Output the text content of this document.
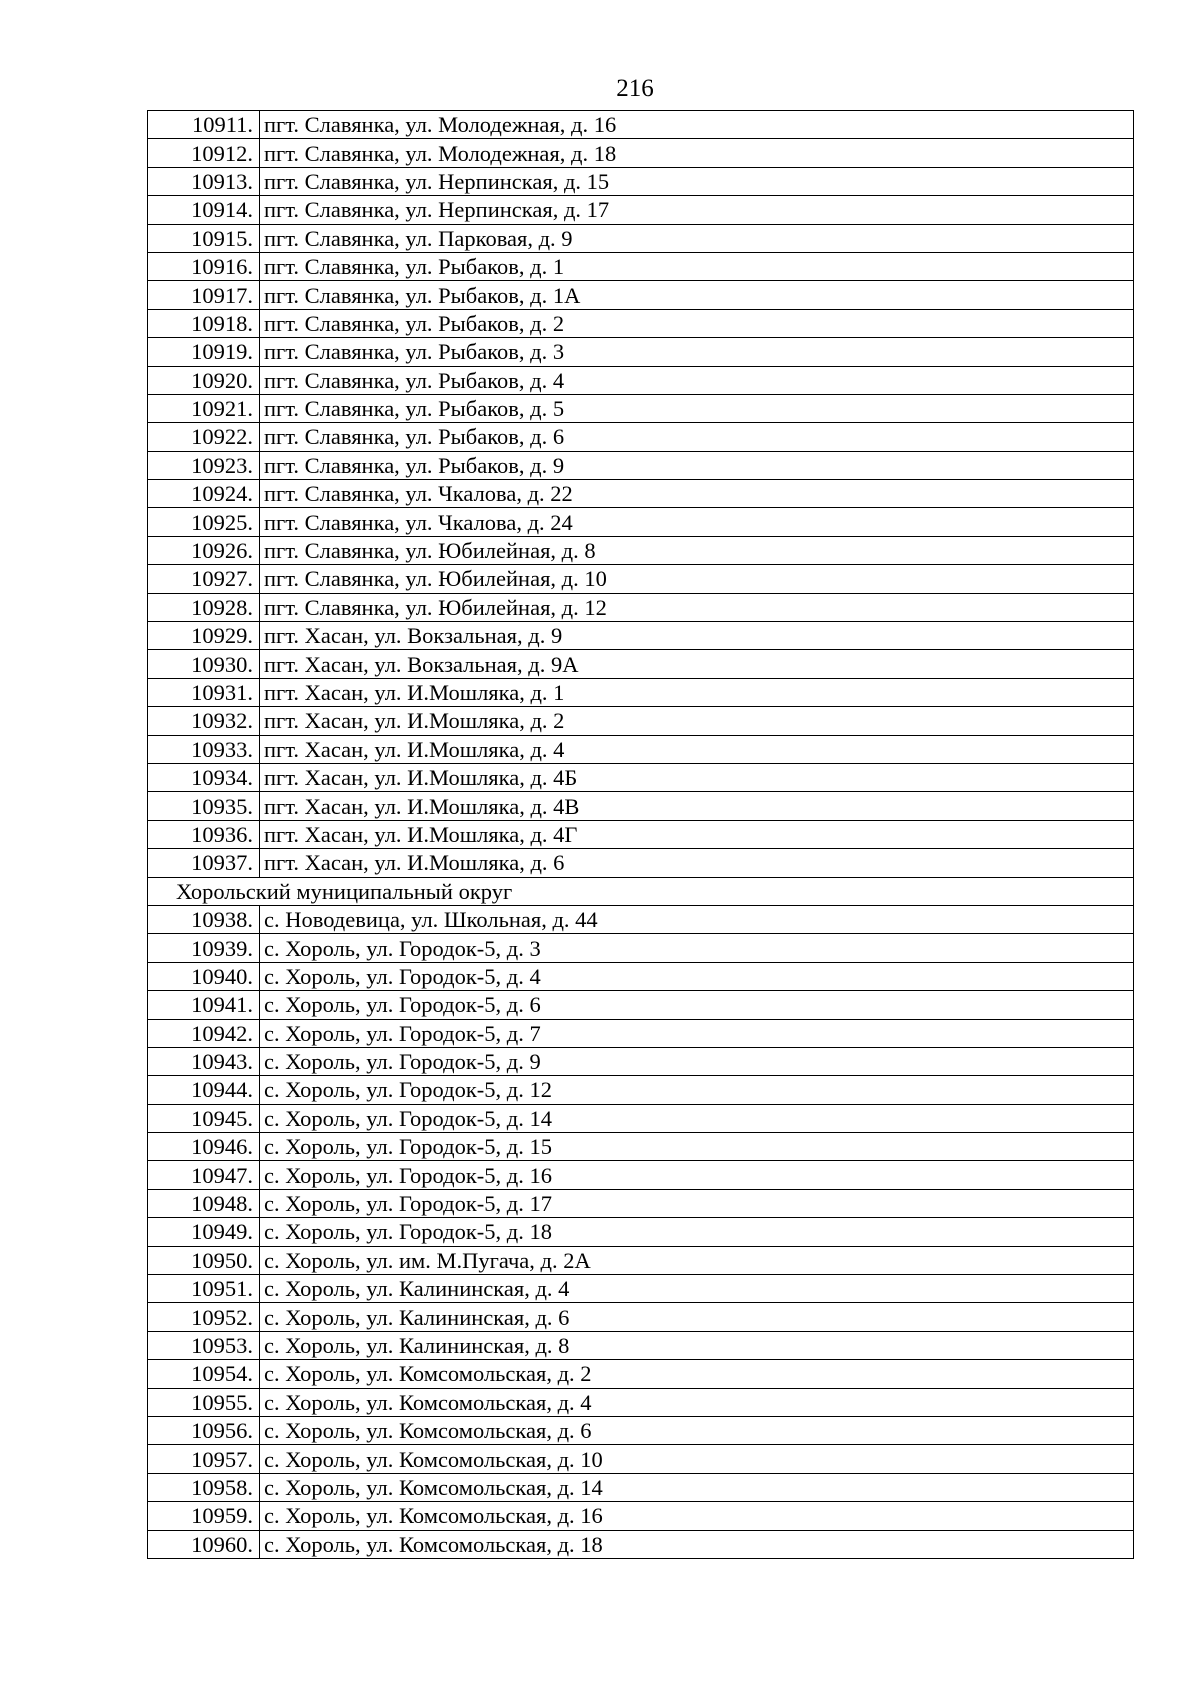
216
10911.	пгт. Славянка, ул. Молодежная, д. 16
10912.	пгт. Славянка, ул. Молодежная, д. 18
10913.	пгт. Славянка, ул. Нерпинская, д. 15
10914.	пгт. Славянка, ул. Нерпинская, д. 17
10915.	пгт. Славянка, ул. Парковая, д. 9
10916.	пгт. Славянка, ул. Рыбаков, д. 1
10917.	пгт. Славянка, ул. Рыбаков, д. 1А
10918.	пгт. Славянка, ул. Рыбаков, д. 2
10919.	пгт. Славянка, ул. Рыбаков, д. 3
10920.	пгт. Славянка, ул. Рыбаков, д. 4
10921.	пгт. Славянка, ул. Рыбаков, д. 5
10922.	пгт. Славянка, ул. Рыбаков, д. 6
10923.	пгт. Славянка, ул. Рыбаков, д. 9
10924.	пгт. Славянка, ул. Чкалова, д. 22
10925.	пгт. Славянка, ул. Чкалова, д. 24
10926.	пгт. Славянка, ул. Юбилейная, д. 8
10927.	пгт. Славянка, ул. Юбилейная, д. 10
10928.	пгт. Славянка, ул. Юбилейная, д. 12
10929.	пгт. Хасан, ул. Вокзальная, д. 9
10930.	пгт. Хасан, ул. Вокзальная, д. 9А
10931.	пгт. Хасан, ул. И.Мошляка, д. 1
10932.	пгт. Хасан, ул. И.Мошляка, д. 2
10933.	пгт. Хасан, ул. И.Мошляка, д. 4
10934.	пгт. Хасан, ул. И.Мошляка, д. 4Б
10935.	пгт. Хасан, ул. И.Мошляка, д. 4В
10936.	пгт. Хасан, ул. И.Мошляка, д. 4Г
10937.	пгт. Хасан, ул. И.Мошляка, д. 6
Хорольский муниципальный округ	
10938.	с. Новодевица, ул. Школьная, д. 44
10939.	с. Хороль, ул. Городок-5, д. 3
10940.	с. Хороль, ул. Городок-5, д. 4
10941.	с. Хороль, ул. Городок-5, д. 6
10942.	с. Хороль, ул. Городок-5, д. 7
10943.	с. Хороль, ул. Городок-5, д. 9
10944.	с. Хороль, ул. Городок-5, д. 12
10945.	с. Хороль, ул. Городок-5, д. 14
10946.	с. Хороль, ул. Городок-5, д. 15
10947.	с. Хороль, ул. Городок-5, д. 16
10948.	с. Хороль, ул. Городок-5, д. 17
10949.	с. Хороль, ул. Городок-5, д. 18
10950.	с. Хороль, ул. им. М.Пугача, д. 2А
10951.	с. Хороль, ул. Калининская, д. 4
10952.	с. Хороль, ул. Калининская, д. 6
10953.	с. Хороль, ул. Калининская, д. 8
10954.	с. Хороль, ул. Комсомольская, д. 2
10955.	с. Хороль, ул. Комсомольская, д. 4
10956.	с. Хороль, ул. Комсомольская, д. 6
10957.	с. Хороль, ул. Комсомольская, д. 10
10958.	с. Хороль, ул. Комсомольская, д. 14
10959.	с. Хороль, ул. Комсомольская, д. 16
10960.	с. Хороль, ул. Комсомольская, д. 18
